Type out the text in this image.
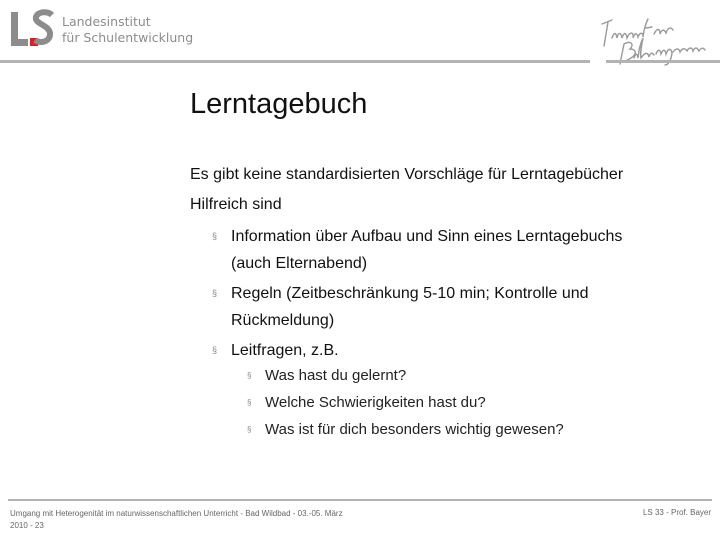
Landesinstitut
für Schulentwicklung
Lerntagebuch
Es gibt keine standardisierten Vorschläge für Lerntagebücher
Hilfreich sind
§ Information über Aufbau und Sinn eines Lerntagebuchs
(auch Elternabend)
§ Regeln (Zeitbeschränkung 5-10 min; Kontrolle und
Rückmeldung)
§ Leitfragen, z.B.
§ Was hast du gelernt?
§ Welche Schwierigkeiten hast du?
§ Was ist für dich besonders wichtig gewesen?
Umgang mit Heterogenität im naturwissenschaftlichen Unterricht - Bad Wildbad - 03.-05. März
2010 - 23
LS 33 - Prof. Bayer
